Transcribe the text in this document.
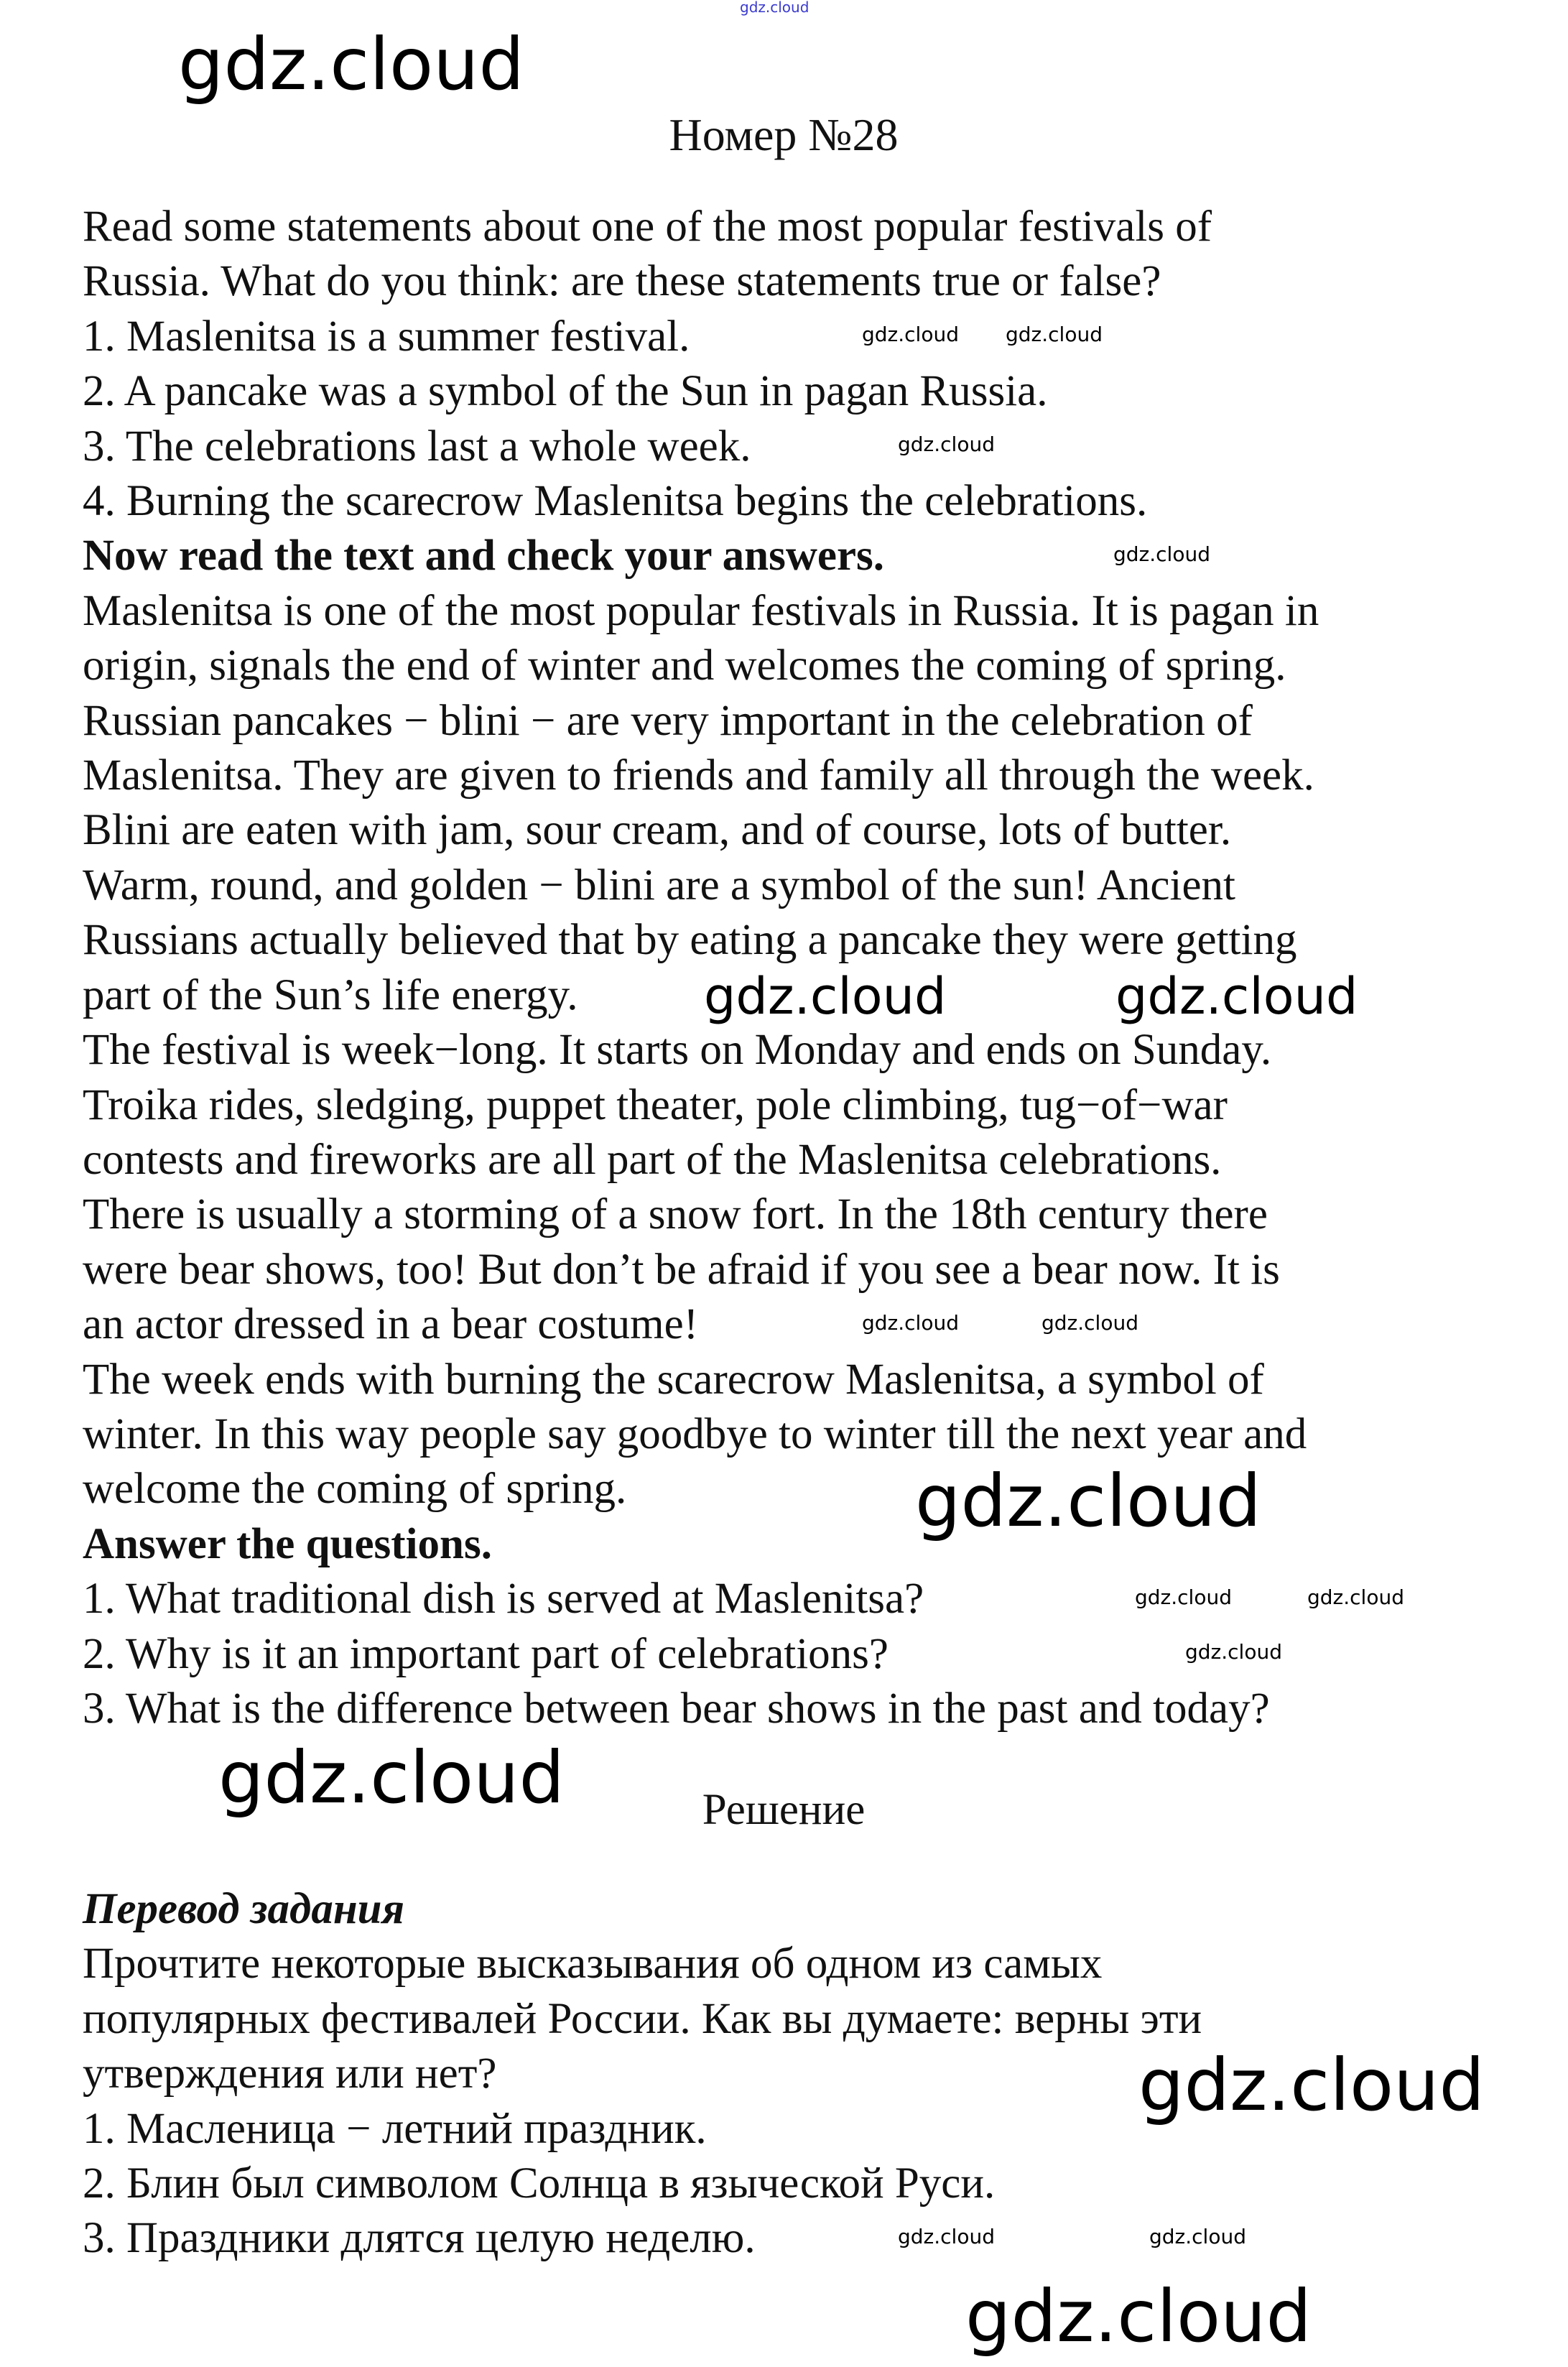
Номер №28
Read some statements about one of the most popular festivals of
Russia. What do you think: are these statements true or false?
1. Maslenitsa is a summer festival.
2. A pancake was a symbol of the Sun in pagan Russia.
3. The celebrations last a whole week.
4. Burning the scarecrow Maslenitsa begins the celebrations.
Now read the text and check your answers.
Maslenitsa is one of the most popular festivals in Russia. It is pagan in
origin, signals the end of winter and welcomes the coming of spring.
Russian pancakes − blini − are very important in the celebration of
Maslenitsa. They are given to friends and family all through the week.
Blini are eaten with jam, sour cream, and of course, lots of butter.
Warm, round, and golden − blini are a symbol of the sun! Ancient
Russians actually believed that by eating a pancake they were getting
part of the Sun’s life energy.
The festival is week−long. It starts on Monday and ends on Sunday.
Troika rides, sledging, puppet theater, pole climbing, tug−of−war
contests and fireworks are all part of the Maslenitsa celebrations.
There is usually a storming of a snow fort. In the 18th century there
were bear shows, too! But don’t be afraid if you see a bear now. It is
an actor dressed in a bear costume!
The week ends with burning the scarecrow Maslenitsa, a symbol of
winter. In this way people say goodbye to winter till the next year and
welcome the coming of spring.
Answer the questions.
1. What traditional dish is served at Maslenitsa?
2. Why is it an important part of celebrations?
3. What is the difference between bear shows in the past and today?
Решение
Перевод задания
Прочтите некоторые высказывания об одном из самых
популярных фестивалей России. Как вы думаете: верны эти
утверждения или нет?
1. Масленица − летний праздник.
2. Блин был символом Солнца в языческой Руси.
3. Праздники длятся целую неделю.
gdz.cloud
gdz.cloud
gdz.cloud
gdz.cloud
gdz.cloud
gdz.cloud
gdz.cloud	gdz.cloud
gdz.cloud gdz.cloud
gdz.cloud
gdz.cloud
gdz.cloud	gdz.cloud
gdz.cloud	gdz.cloud
gdz.cloud
gdz.cloud	gdz.cloud
